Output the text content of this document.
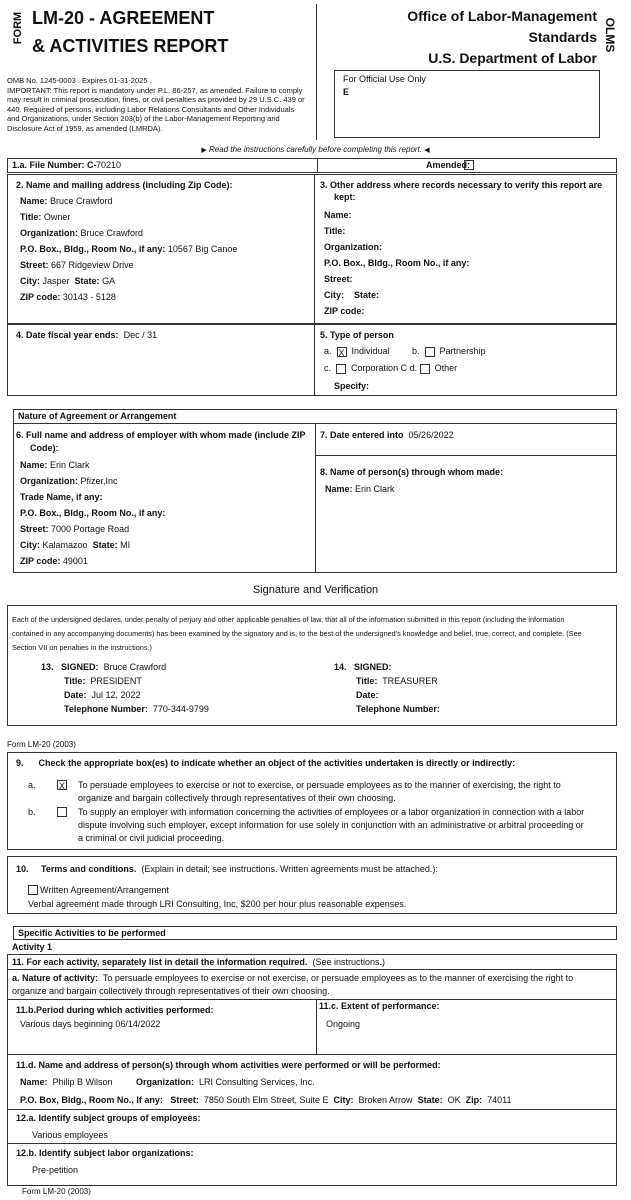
FORM LM-20 - AGREEMENT
& ACTIVITIES REPORT
Office of Labor-Management
Standards
U.S. Department of Labor
OLMS
OMB No. 1245-0003 . Expires 01-31-2025 .
IMPORTANT: This report is mandatory under P.L. 86-257, as amended. Failure to comply may result in criminal prosecution, fines, or civil penalties as provided by 29 U.S.C. 439 or 440. Required of persons, including Labor Relations Consultants and Other Individuals and Organizations, under Section 203(b) of the Labor-Management Reporting and Disclosure Act of 1959, as amended (LMRDA).
For Official Use Only
E
▶ Read the instructions carefully before completing this report. ◀
1.a. File Number: C- 70210	Amended:
2. Name and mailing address (including Zip Code):
Name: Bruce Crawford
Title: Owner
Organization: Bruce Crawford
P.O. Box., Bldg., Room No., if any: 10567 Big Canoe
Street: 667 Ridgeview Drive
City: Jasper State: GA
ZIP code: 30143 - 5128
3. Other address where records necessary to verify this report are
kept:
Name:
Title:
Organization:
P.O. Box., Bldg., Room No., if any:
Street:
City: State:
ZIP code:
4. Date fiscal year ends: Dec / 31	5. Type of person
a. X Individual b. Partnership
c. Corporation C d. Other
Specify:
Nature of Agreement or Arrangement
6. Full name and address of employer with whom made (include ZIP
Code):
Name: Erin Clark
Organization: Pfizer,Inc
Trade Name, if any:
P.O. Box., Bldg., Room No., if any:
Street: 7000 Portage Road
City: Kalamazoo State: MI
ZIP code: 49001
7. Date entered into 05/26/2022
8. Name of person(s) through whom made:
Name: Erin Clark
Signature and Verification
Each of the undersigned declares, under penalty of perjury and other applicable penalties of law, that all of the information submitted in this report (including the information
contained in any accompanying documents) has been examined by the signatory and is, to the best of the undersigned's knowledge and belief, true, correct, and complete. (See
Section VII on penalties in the instructions.)
13. SIGNED: Bruce Crawford
Title: PRESIDENT
Date: Jul 12, 2022
Telephone Number: 770-344-9799
14. SIGNED:
Title: TREASURER
Date:
Telephone Number:
Form LM-20 (2003)
9.      Check the appropriate box(es) to indicate whether an object of the activities undertaken is directly or indirectly:
a.	X To persuade employees to exercise or not to exercise, or persuade employees as to the manner of exercising, the right to
organize and bargain collectively through representatives of their own choosing.
b.	To supply an employer with information concerning the activities of employees or a labor organization in connection with a labor
dispute involving such employer, except information for use solely in conjunction with an administrative or arbitral proceeding or
a criminal or civil judicial proceeding.
10.     Terms and conditions. (Explain in detail; see instructions. Written agreements must be attached.):
Written Agreement/Arrangement
Verbal agreement made through LRI Consulting, Inc, $200 per hour plus reasonable expenses.
Specific Activities to be performed
Activity 1
11. For each activity, separately list in detail the information required. (See instructions.)
a. Nature of activity: To persuade employees to exercise or not exercise, or persuade employees as to the manner of exercising the right to
organize and bargain collectively through representatives of their own choosing.
11.b.Period during which activities performed:
Various days beginning 06/14/2022
11.c. Extent of performance:
Ongoing
11.d. Name and address of person(s) through whom activities were performed or will be performed:
Name: Philip B Wilson	Organization: LRI Consulting Services, Inc.
P.O. Box, Bldg., Room No., If any: Street: 7850 South Elm Street, Suite E City: Broken Arrow State: OK Zip: 74011
12.a. Identify subject groups of employees:
Various employees
12.b. Identify subject labor organizations:
Pre-petition
Form LM-20 (2003)
